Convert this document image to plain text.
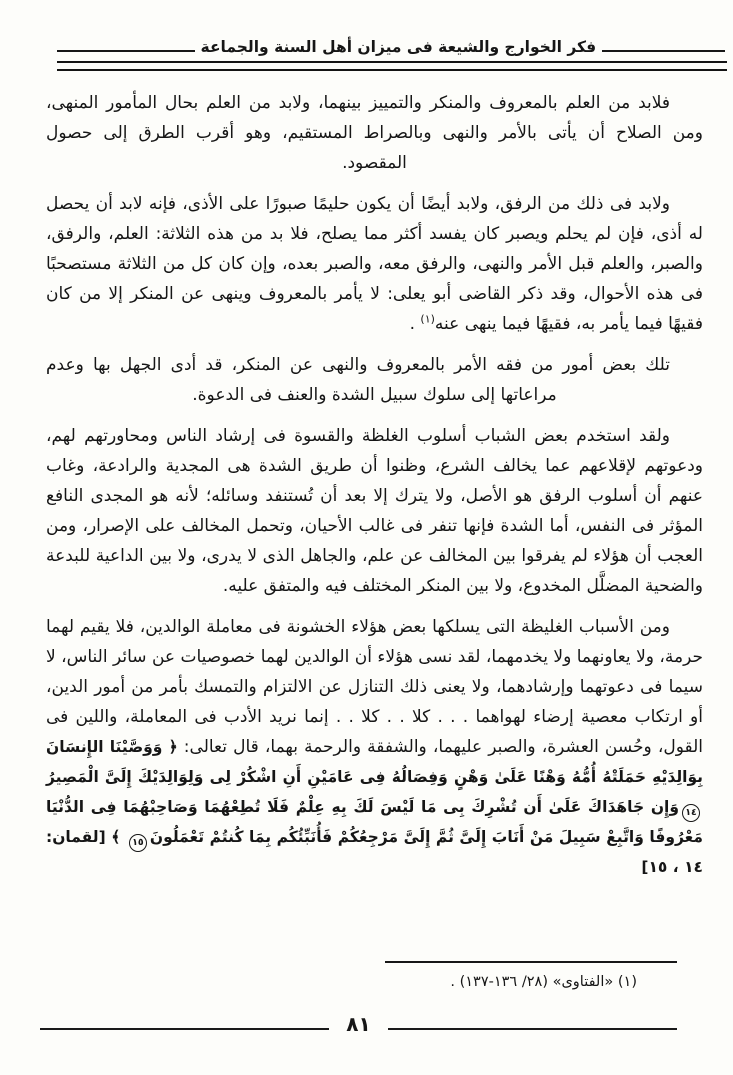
فكر الخوارج والشيعة فى ميزان أهل السنة والجماعة
فلابد من العلم بالمعروف والمنكر والتمييز بينهما، ولابد من العلم بحال المأمور المنهى، ومن الصلاح أن يأتى بالأمر والنهى وبالصراط المستقيم، وهو أقرب الطرق إلى حصول المقصود.
ولابد فى ذلك من الرفق، ولابد أيضًا أن يكون حليمًا صبورًا على الأذى، فإنه لابد أن يحصل له أذى، فإن لم يحلم ويصبر كان يفسد أكثر مما يصلح، فلا بد من هذه الثلاثة: العلم، والرفق، والصبر، والعلم قبل الأمر والنهى، والرفق معه، والصبر بعده، وإن كان كل من الثلاثة مستصحبًا فى هذه الأحوال، وقد ذكر القاضى أبو يعلى: لا يأمر بالمعروف وينهى عن المنكر إلا من كان فقيهًا فيما يأمر به، فقيهًا فيما ينهى عنه$^{(١)}$ .
تلك بعض أمور من فقه الأمر بالمعروف والنهى عن المنكر، قد أدى الجهل بها وعدم مراعاتها إلى سلوك سبيل الشدة والعنف فى الدعوة.
ولقد استخدم بعض الشباب أسلوب الغلظة والقسوة فى إرشاد الناس ومحاورتهم لهم، ودعوتهم لإقلاعهم عما يخالف الشرع، وظنوا أن طريق الشدة هى المجدية والرادعة، وغاب عنهم أن أسلوب الرفق هو الأصل، ولا يترك إلا بعد أن تُستنفد وسائله؛ لأنه هو المجدى النافع المؤثر فى النفس، أما الشدة فإنها تنفر فى غالب الأحيان، وتحمل المخالف على الإصرار، ومن العجب أن هؤلاء لم يفرقوا بين المخالف عن علم، والجاهل الذى لا يدرى، ولا بين الداعية للبدعة والضحية المضلَّل المخدوع، ولا بين المنكر المختلف فيه والمتفق عليه.
ومن الأسباب الغليظة التى يسلكها بعض هؤلاء الخشونة فى معاملة الوالدين، فلا يقيم لهما حرمة، ولا يعاونهما ولا يخدمهما، لقد نسى هؤلاء أن الوالدين لهما خصوصيات عن سائر الناس، لا سيما فى دعوتهما وإرشادهما، ولا يعنى ذلك التنازل عن الالتزام والتمسك بأمر من أمور الدين، أو ارتكاب معصية إرضاء لهواهما . . . كلا . . كلا . . إنما نريد الأدب فى المعاملة، واللين فى القول، وحُسن العشرة، والصبر عليهما، والشفقة والرحمة بهما، قال تعالى: ﴿ وَوَصَّيْنَا الإِنسَانَ بِوَالِدَيْهِ حَمَلَتْهُ أُمُّهُ وَهْنًا عَلَىٰ وَهْنٍ وَفِصَالُهُ فِى عَامَيْنِ أَنِ اشْكُرْ لِى وَلِوَالِدَيْكَ إِلَىَّ الْمَصِيرُ١٤وَإِن جَاهَدَاكَ عَلَىٰ أَن تُشْرِكَ بِى مَا لَيْسَ لَكَ بِهِ عِلْمٌ فَلَا تُطِعْهُمَا وَصَاحِبْهُمَا فِى الدُّنْيَا مَعْرُوفًا وَاتَّبِعْ سَبِيلَ مَنْ أَنَابَ إِلَىَّ ثُمَّ إِلَىَّ مَرْجِعُكُمْ فَأُنَبِّئُكُم بِمَا كُنتُمْ تَعْمَلُونَ١٥ ﴾ [لقمان: ١٤ ، ١٥]
(١) «الفتاوى» (٢٨/ ١٣٦-١٣٧) .
٨١
